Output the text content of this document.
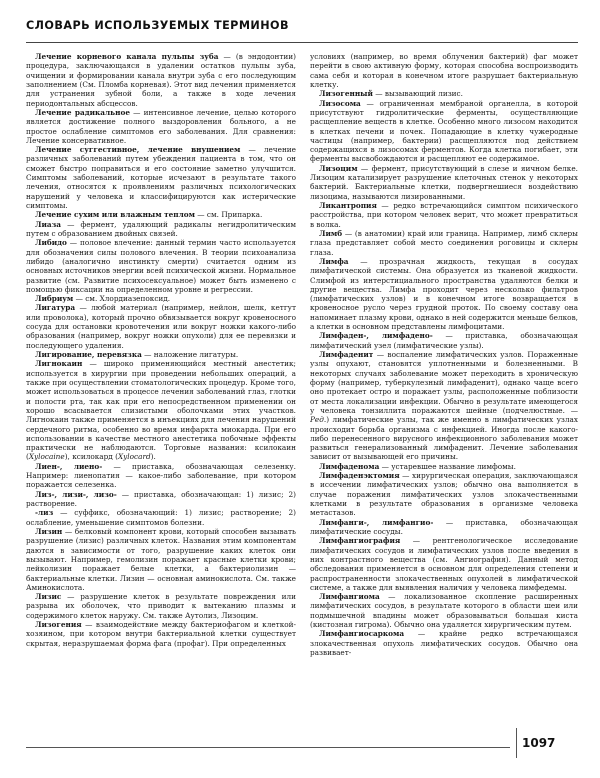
СЛОВАРЬ ИСПОЛЬЗУЕМЫХ ТЕРМИНОВ

Лечение корневого канала пульпы зуба — (в эндодонтии) процедура, заключающаяся в удалении остатков пульпы зуба, очищении и формировании канала внутри зуба с его последующим заполнением (См. Пломба корневая). Этот вид лечения применяется для устранения зубной боли, а также в ходе лечения периодонтальных абсцессов.

Лечение радикальное — интенсивное лечение, целью которого является достижение полного выздоровления больного, а не простое ослабление симптомов его заболевания. Для сравнения: Лечение консервативное.

Лечение суггестивное, лечение внушением — лечение различных заболеваний путем убеждения пациента в том, что он сможет быстро поправиться и его состояние заметно улучшится. Симптомы заболеваний, которые исчезают в результате такого лечения, относятся к проявлениям различных психологических нарушений у человека и классифицируются как истерические симптомы.

Лечение сухим или влажным теплом — см. Припарка.

Лиаза — фермент, удаляющий радикалы негидролитическим путем с образованием двойных связей.

Либидо — половое влечение: данный термин часто используется для обозначения силы полового влечения. В теории психоанализа либидо (аналогично инстинкту смерти) считается одним из основных источников энергии всей психической жизни. Нормальное развитие (см. Развитие психосексуальное) может быть изменено с помощью фиксации на определенном уровне и регрессии.

Либриум — см. Хлордиазепоксид.

Лигатура — любой материал (например, нейлон, шелк, кетгут или проволока), который прочно обвязывается вокруг кровеносного сосуда для остановки кровотечения или вокруг ножки какого-либо образования (например, вокруг ножки опухоли) для ее перевязки и последующего удаления.

Лигирование, перевязка — наложение лигатуры.

Лигнокаин — широко применяющийся местный анестетик; используется в хирургии при проведении небольших операций, а также при осуществлении стоматологических процедур. Кроме того, может использоваться в процессе лечения заболеваний глаз, глотки и полости рта, так как при его непосредственном применении он хорошо всасывается слизистыми оболочками этих участков. Лигнокаин также применяется в инъекциях для лечения нарушений сердечного ритма, особенно во время инфаркта миокарда. При его использовании в качестве местного анестетика побочные эффекты практически не наблюдаются. Торговые названия: ксилокаин (Xylocaine), ксилокард (Xylocard).

Лиен-, лиено- — приставка, обозначающая селезенку. Например: лиенопатия — какое-либо заболевание, при котором поражается селезенка.

Лиз-, лизи-, лизо- — приставка, обозначающая: 1) лизис; 2) растворение.

-лиз — суффикс, обозначающий: 1) лизис; растворение; 2) ослабление, уменьшение симптомов болезни.

Лизин — белковый компонент крови, который способен вызывать разрушение (лизис) различных клеток. Названия этим компонентам даются в зависимости от того, разрушение каких клеток они вызывают. Например, гемолизин поражает красные клетки крови; лейколизин поражает белые клетки, а бактериолизин — бактериальные клетки. Лизин — основная аминокислота. См. также Аминокислота.

Лизис — разрушение клеток в результате повреждения или разрыва их оболочек, что приводит к вытеканию плазмы и содержимого клеток наружу. См. также Аутолиз, Лизоцим.

Лизогения — взаимодействие между бактериофагом и клеткой-хозяином, при котором внутри бактериальной клетки существует скрытая, неразрушаемая форма фага (профаг). При определенных

условиях (например, во время облучения бактерий) фаг может перейти в свою активную форму, которая способна воспроизводить сама себя и которая в конечном итоге разрушает бактериальную клетку.

Лизогенный — вызывающий лизис.

Лизосома — ограниченная мембраной органелла, в которой присутствуют гидролитические ферменты, осуществляющие расщепление веществ в клетке. Особенно много лизосом находится в клетках печени и почек. Попадающие в клетку чужеродные частицы (например, бактерии) расщепляются под действием содержащихся в лизосомах ферментов. Когда клетка погибает, эти ферменты высвобождаются и расщепляют ее содержимое.

Лизоцим — фермент, присутствующий в слезе и яичном белке. Лизоцим катализирует разрушение клеточных стенок у некоторых бактерий. Бактериальные клетки, подвергнешиеся воздействию лизоцима, называются лизированными.

Ликантропия — редко встречающийся симптом психического расстройства, при котором человек верит, что может превратиться в волка.

Лимб — (в анатомии) край или граница. Например, лимб склеры глаза представляет собой место соединения роговицы и склеры глаза.

Лимфа — прозрачная жидкость, текущая в сосудах лимфатической системы. Она образуется из тканевой жидкости. Слимфой из интерстициального пространства удаляются белки и другие вещества. Лимфа проходит через несколько фильтров (лимфатических узлов) и в конечном итоге возвращается в кровеносное русло через грудной проток. По своему составу она напоминает плазму крови, однако в ней содержится меньше белков, а клетки в основном представлены лимфоцитами.

Лимфаден-, лимфадено- — приставка, обозначающая лимфатический узел (лимфатические узлы).

Лимфаденит — воспаление лимфатических узлов. Пораженные узлы опухают, становятся уплотненными и болезненными. В некоторых случаях заболевание может переходить в хроническую форму (например, туберкулезный лимфаденит), однако чаще всего оно протекает остро и поражает узлы, расположенные поблизости от места локализации инфекции. Обычно в результате имеющегося у человека тонзиллита поражаются шейные (подчелюстные. — Ред.) лимфатические узлы, так же именно в лимфатических узлах происходит борьба организма с инфекцией. Иногда после какого-либо перенесенного вирусного инфекционного заболевания может развиться генерализованный лимфаденит. Лечение заболевания зависит от вызывающей его причины.

Лимфаденома — устаревшее название лимфомы.

Лимфаденэктомия — хирургическая операция, заключающаяся в иссечении лимфатических узлов; обычно она выполняется в случае поражения лимфатических узлов злокачественными клетками в результате образования в организме человека метастазов.

Лимфанги-, лимфангио- — приставка, обозначающая лимфатические сосуды.

Лимфангиография — рентгенологическое исследование лимфатических сосудов и лимфатических узлов после введения в них контрастного вещества (см. Ангиография). Данный метод обследования применяется в основном для определения степени и распространенности злокачественных опухолей в лимфатической системе, а также для выявления наличия у человека лимфедемы.

Лимфангиома — локализованное скопление расширенных лимфатических сосудов, в результате которого в области шеи или подмышечной впадины может образовываться большая киста (кистозная гигрома). Обычно она удаляется хирургическим путем.

Лимфангиосаркома — крайне редко встречающаяся злокачественная опухоль лимфатических сосудов. Обычно она развивает-

1097
